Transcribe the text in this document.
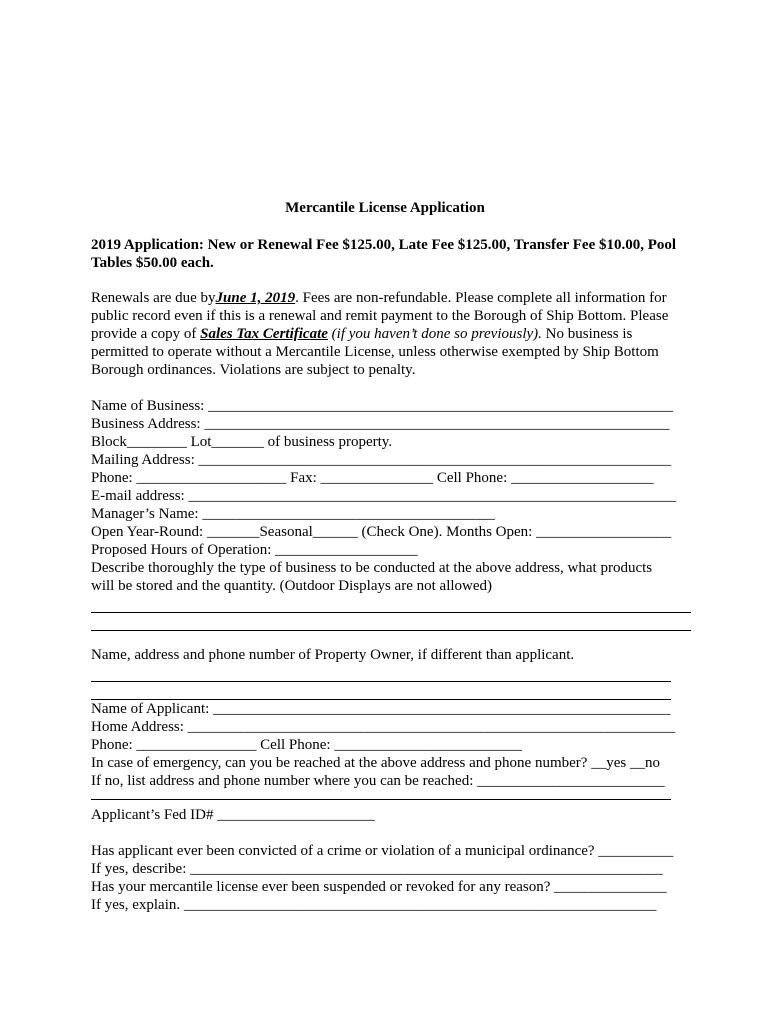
Mercantile License Application
2019 Application: New or Renewal Fee $125.00, Late Fee $125.00, Transfer Fee $10.00, Pool Tables $50.00 each.
Renewals are due byJune 1, 2019. Fees are non-refundable. Please complete all information for public record even if this is a renewal and remit payment to the Borough of Ship Bottom. Please provide a copy of Sales Tax Certificate (if you haven’t done so previously). No business is permitted to operate without a Mercantile License, unless otherwise exempted by Ship Bottom Borough ordinances. Violations are subject to penalty.
Name of Business: ______________________________________________________________
Business Address: ______________________________________________________________
Block________ Lot_______ of business property.
Mailing Address: _______________________________________________________________
Phone: ____________________ Fax: _______________ Cell Phone: ___________________
E-mail address: _________________________________________________________________
Manager’s Name: _______________________________________
Open Year-Round: _______Seasonal______ (Check One). Months Open: __________________
Proposed Hours of Operation: ___________________
Describe thoroughly the type of business to be conducted at the above address, what products
will be stored and the quantity. (Outdoor Displays are not allowed)
Name, address and phone number of Property Owner, if different than applicant.
Name of Applicant: _____________________________________________________________
Home Address: _________________________________________________________________
Phone: ________________ Cell Phone: _________________________
In case of emergency, can you be reached at the above address and phone number? __yes __no
If no, list address and phone number where you can be reached: _________________________
Applicant’s Fed ID# _____________________
Has applicant ever been convicted of a crime or violation of a municipal ordinance? __________
If yes, describe: _______________________________________________________________
Has your mercantile license ever been suspended or revoked for any reason? _______________
If yes, explain. _______________________________________________________________
